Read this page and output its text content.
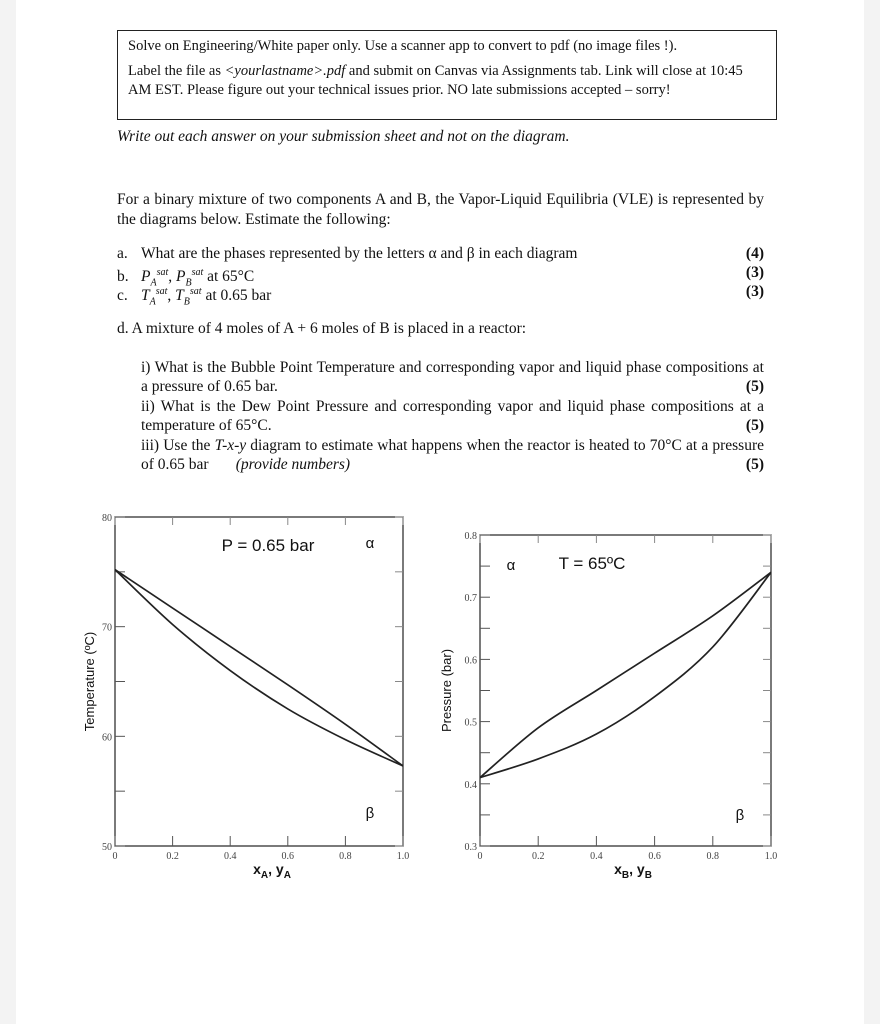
Solve on Engineering/White paper only. Use a scanner app to convert to pdf (no image files !).

Label the file as <yourlastname>.pdf and submit on Canvas via Assignments tab. Link will close at 10:45 AM EST. Please figure out your technical issues prior. NO late submissions accepted – sorry!

Write out each answer on your submission sheet and not on the diagram.
For a binary mixture of two components A and B, the Vapor-Liquid Equilibria (VLE) is represented by the diagrams below. Estimate the following:
a. What are the phases represented by the letters α and β in each diagram	(4)
b. $P_A^{sat}$, $P_B^{sat}$ at 65°C	(3)
c. $T_A^{sat}$, $T_B^{sat}$ at 0.65 bar	(3)
d. A mixture of 4 moles of A + 6 moles of B is placed in a reactor:
i) What is the Bubble Point Temperature and corresponding vapor and liquid phase compositions at a pressure of 0.65 bar.	(5)
ii) What is the Dew Point Pressure and corresponding vapor and liquid phase compositions at a temperature of 65°C.	(5)
iii) Use the T-x-y diagram to estimate what happens when the reactor is heated to 70°C at a pressure of 0.65 bar (provide numbers)	(5)
0	0.2	0.4	0.6	0.8	1.0
50
60
70
80
P = 0.65 bar	α
β
Temperature (ºC)
$x_A$, $y_A$
0	0.2	0.4	0.6	0.8	1.0
0.3
0.4
0.5
0.6
0.7
0.8
T = 65ºC
α
β
Pressure (bar)
$x_B$, $y_B$
